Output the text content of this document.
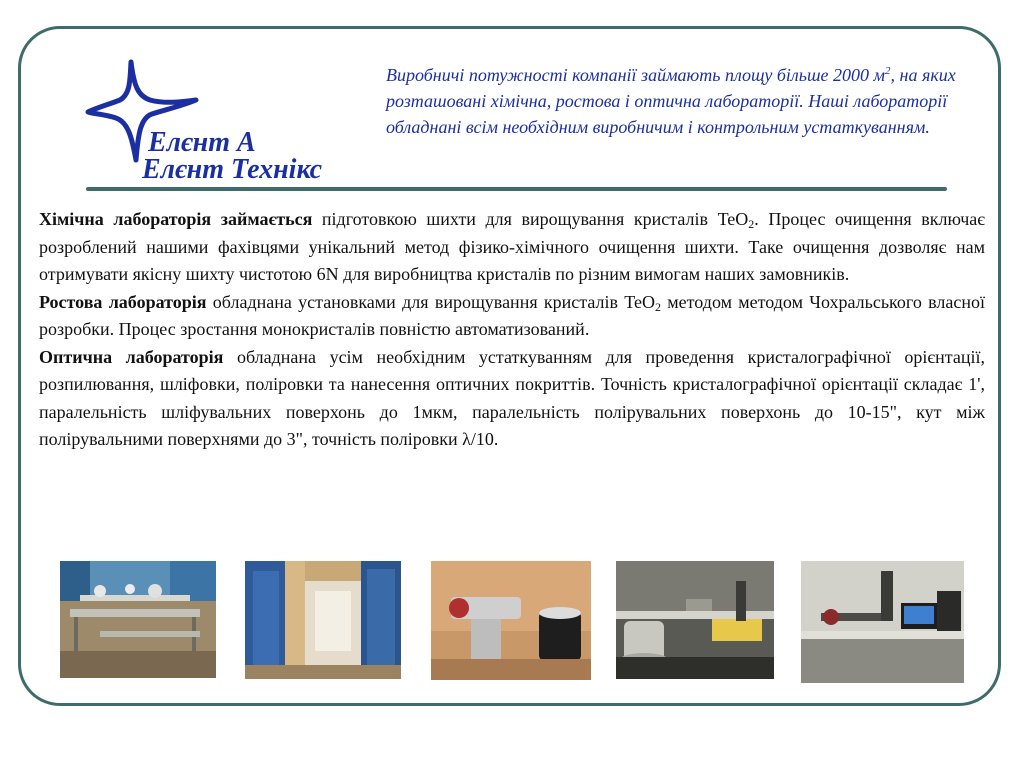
Елєнт А
Елєнт Технікс
Виробничі потужності компанії займають площу більше 2000 $м^2$, на яких розташовані хімічна, ростова і оптична лабораторії. Наші лабораторії обладнані всім необхідним виробничим і контрольним устаткуванням.

Хімічна лабораторія займається підготовкою шихти для вирощування кристалів TeO$_2$. Процес очищення включає розроблений нашими фахівцями унікальний метод фізико-хімічного очищення шихти. Таке очищення дозволяє нам отримувати якісну шихту чистотою 6N для виробництва кристалів по різним вимогам наших замовників.

Ростова лабораторія обладнана установками для вирощування кристалів TeO$_2$ методом методом Чохральського власної розробки. Процес зростання монокристалів повністю автоматизований.

Оптична лабораторія обладнана усім необхідним устаткуванням для проведення кристалографічної орієнтації, розпилювання, шліфовки, поліровки та нанесення оптичних покриттів. Точність кристалографічної орієнтації складає 1', паралельність шліфувальних поверхонь до 1мкм, паралельність полірувальних поверхонь до 10-15", кут між полірувальними поверхнями до 3", точність поліровки λ/10.
